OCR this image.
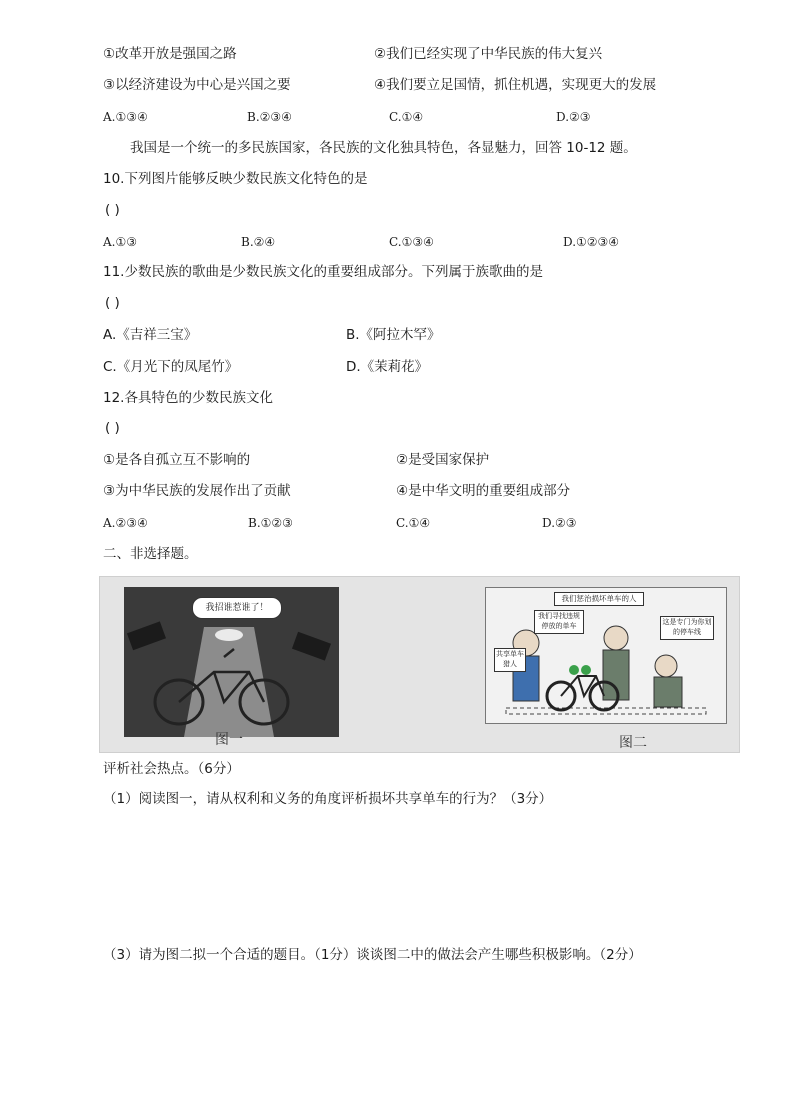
①改革开放是强国之路	②我们已经实现了中华民族的伟大复兴
③以经济建设为中心是兴国之要	④我们要立足国情，抓住机遇，实现更大的发展
A.①③④	B.②③④	C.①④	D.②③
我国是一个统一的多民族国家，各民族的文化独具特色，各显魅力，回答 10-12 题。
10.下列图片能够反映少数民族文化特色的是
( )
A.①③	B.②④	C.①③④	D.①②③④
11.少数民族的歌曲是少数民族文化的重要组成部分。下列属于族歌曲的是
( )
A.《吉祥三宝》	B.《阿拉木罕》
C.《月光下的凤尾竹》	D.《茉莉花》
12.各具特色的少数民族文化
( )
①是各自孤立互不影响的	②是受国家保护
③为中华民族的发展作出了贡献	④是中华文明的重要组成部分
A.②③④	B.①②③	C.①④	D.②③
二、非选择题。
我招谁惹谁了！
图一
我们惩治损坏单车的人
我们寻找违规停放的单车	这是专门为你划的停车线
共享单车猎人
图二
评析社会热点。（6分）
（1）阅读图一，请从权利和义务的角度评析损坏共享单车的行为？（3分）
（3）请为图二拟一个合适的题目。（1分）谈谈图二中的做法会产生哪些积极影响。（2分）
